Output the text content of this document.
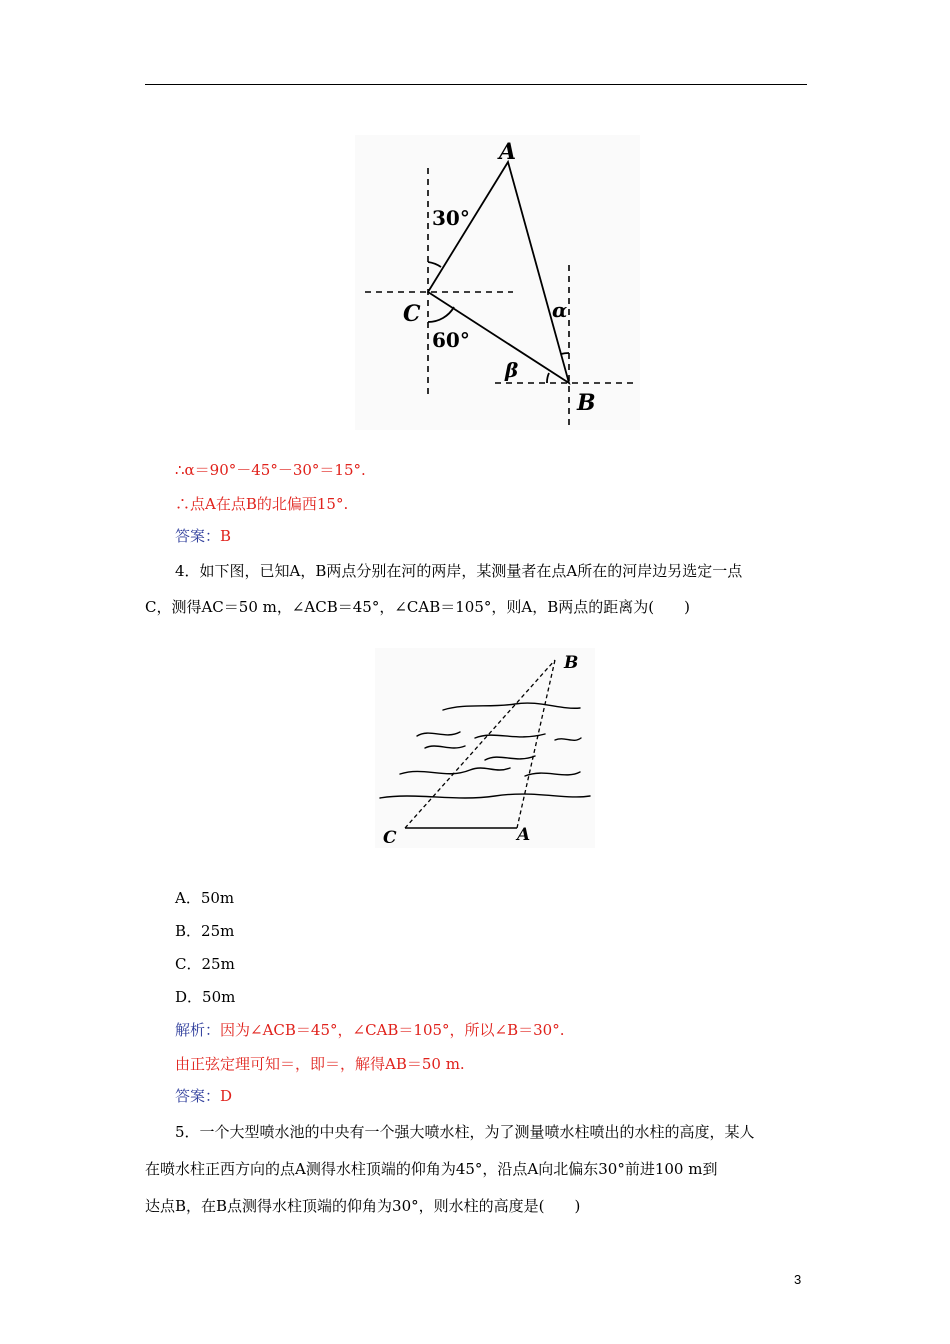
A
C
B
30°
60°
α
β
∴α＝90°－45°－30°＝15°.
∴点A在点B的北偏西15°.
答案：B
4．如下图，已知A，B两点分别在河的两岸，某测量者在点A所在的河岸边另选定一点
C，测得AC＝50 m，∠ACB＝45°，∠CAB＝105°，则A，B两点的距离为(　　)
B
C	A
A．50m
B．25m
C．25m
D．50m
解析：因为∠ACB＝45°，∠CAB＝105°，所以∠B＝30°.
由正弦定理可知＝，即＝，解得AB＝50 m.
答案：D
5．一个大型喷水池的中央有一个强大喷水柱，为了测量喷水柱喷出的水柱的高度，某人
在喷水柱正西方向的点A测得水柱顶端的仰角为45°，沿点A向北偏东30°前进100 m到
达点B，在B点测得水柱顶端的仰角为30°，则水柱的高度是(　　)
3
